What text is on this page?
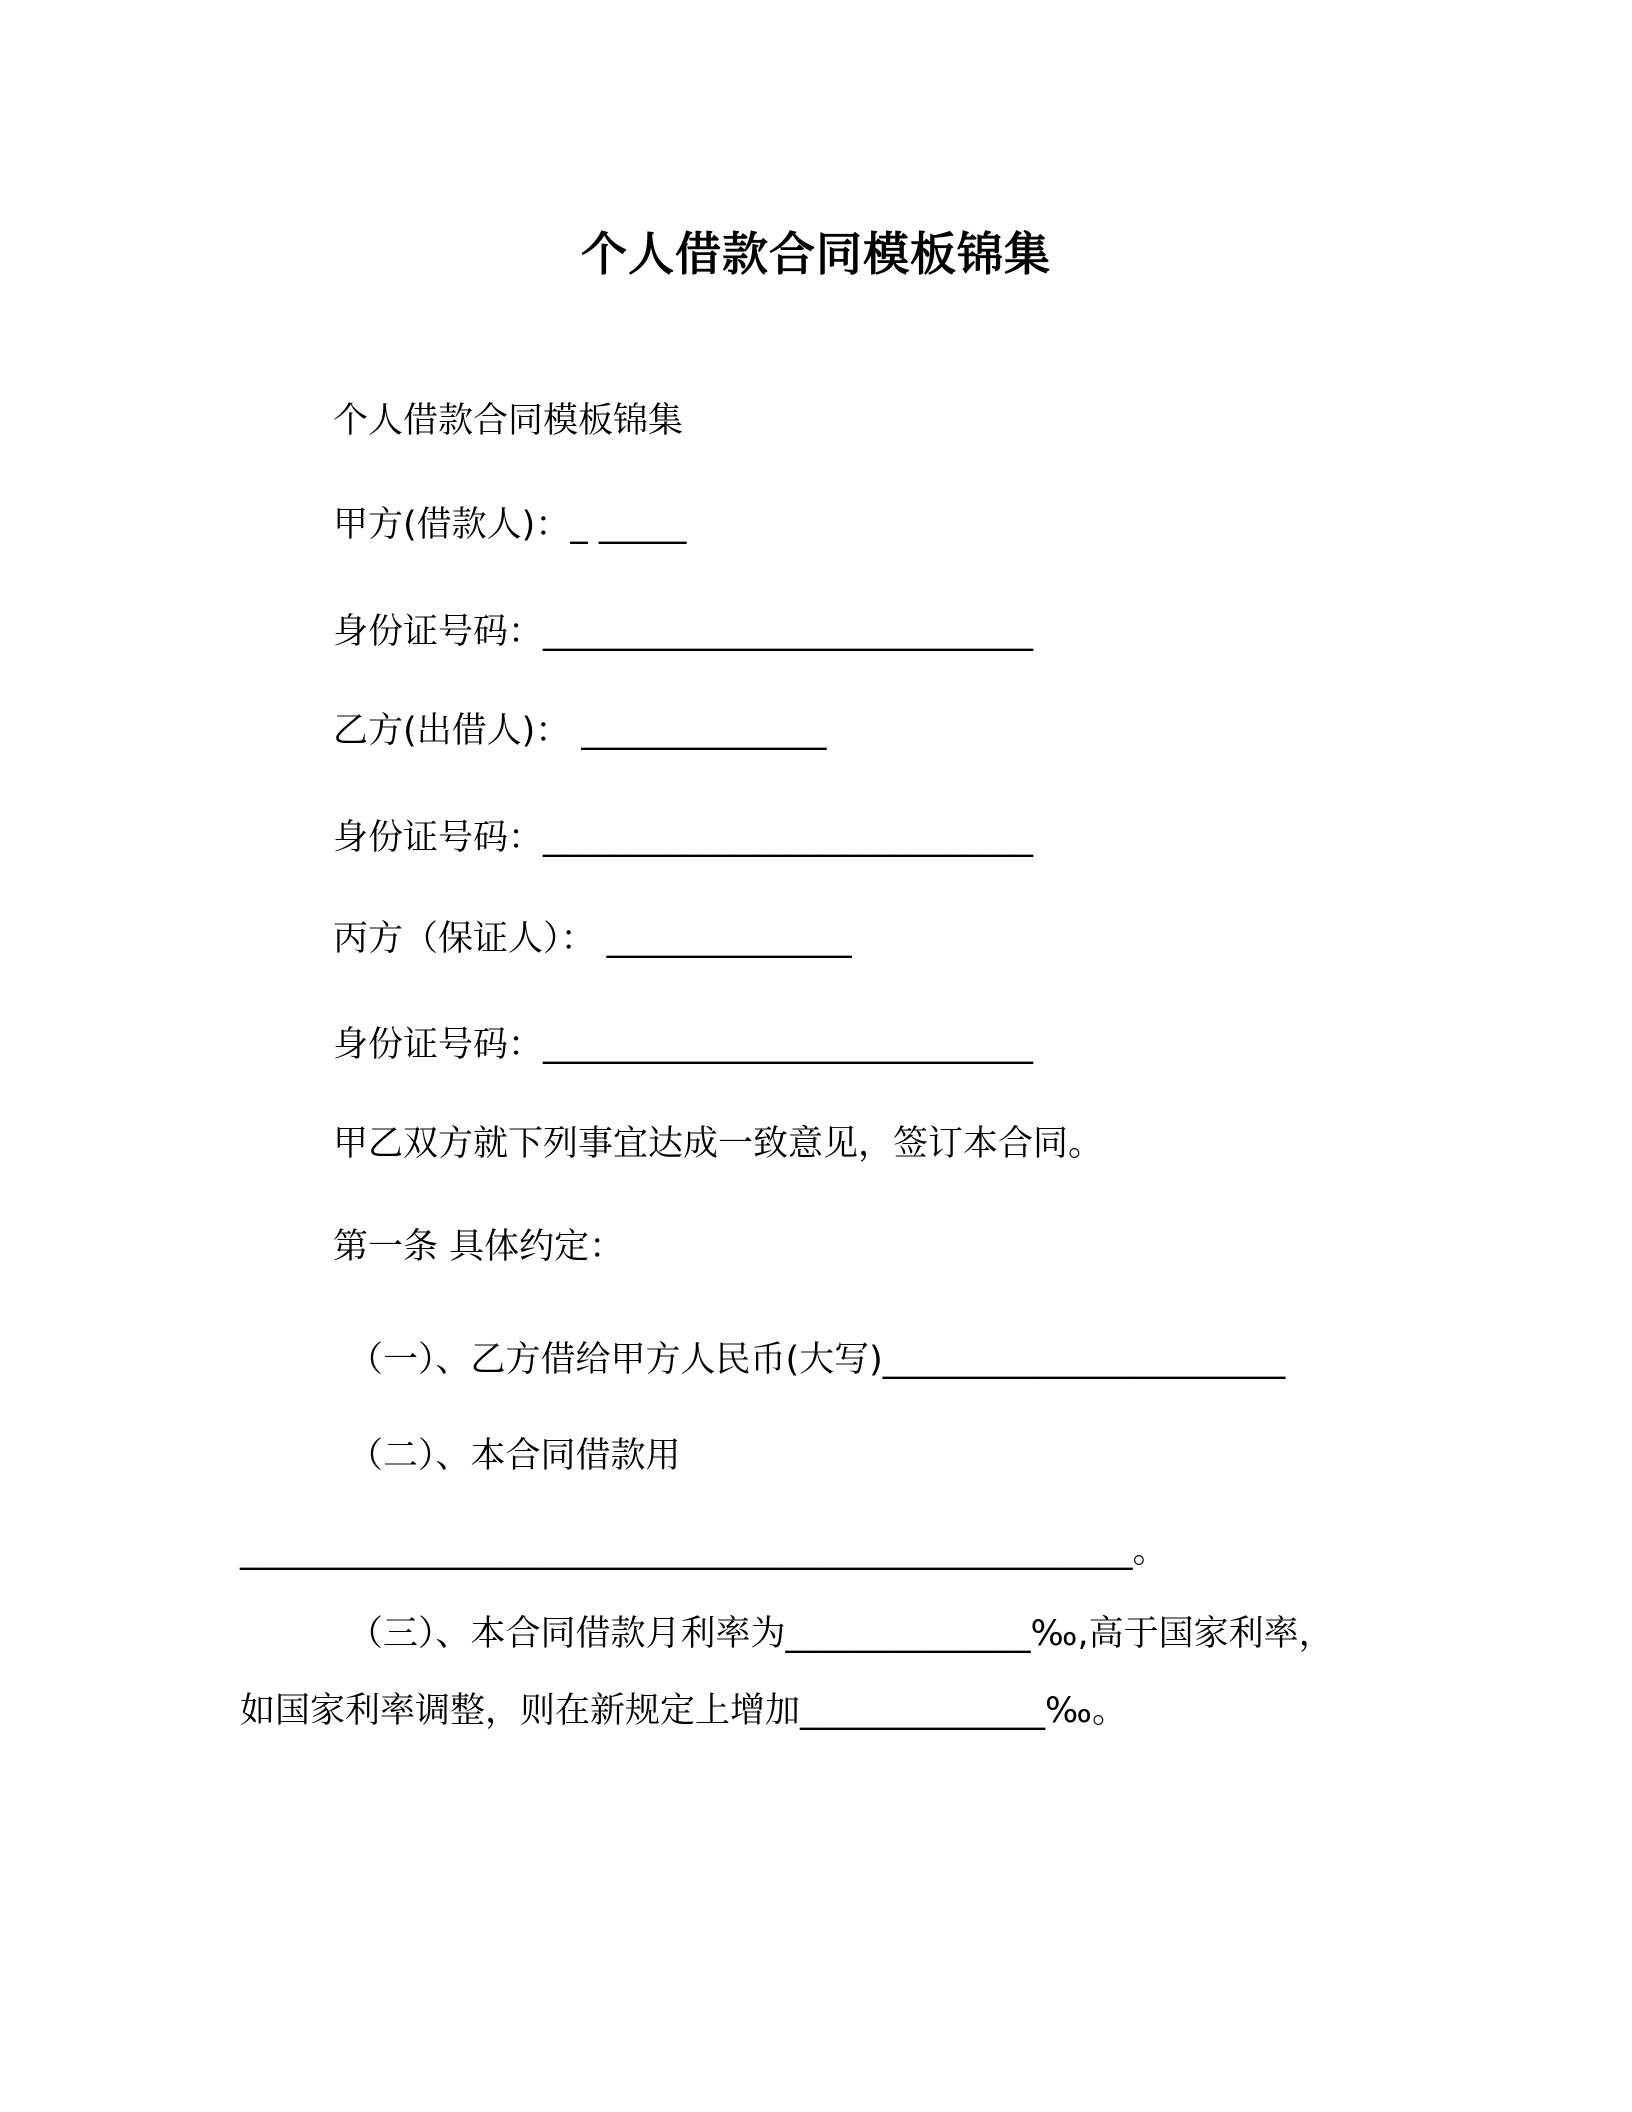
个人借款合同模板锦集
个人借款合同模板锦集
甲方(借款人)：_ _____
身份证号码：____________________________
乙方(出借人)： ______________
身份证号码：____________________________
丙方（保证人）： ______________
身份证号码：____________________________
甲乙双方就下列事宜达成一致意见，签订本合同。
第一条 具体约定：
（一）、乙方借给甲方人民币(大写)_______________________
（二）、本合同借款用
___________________________________________________。
（三）、本合同借款月利率为______________‰,高于国家利率，
如国家利率调整，则在新规定上增加______________‰。
